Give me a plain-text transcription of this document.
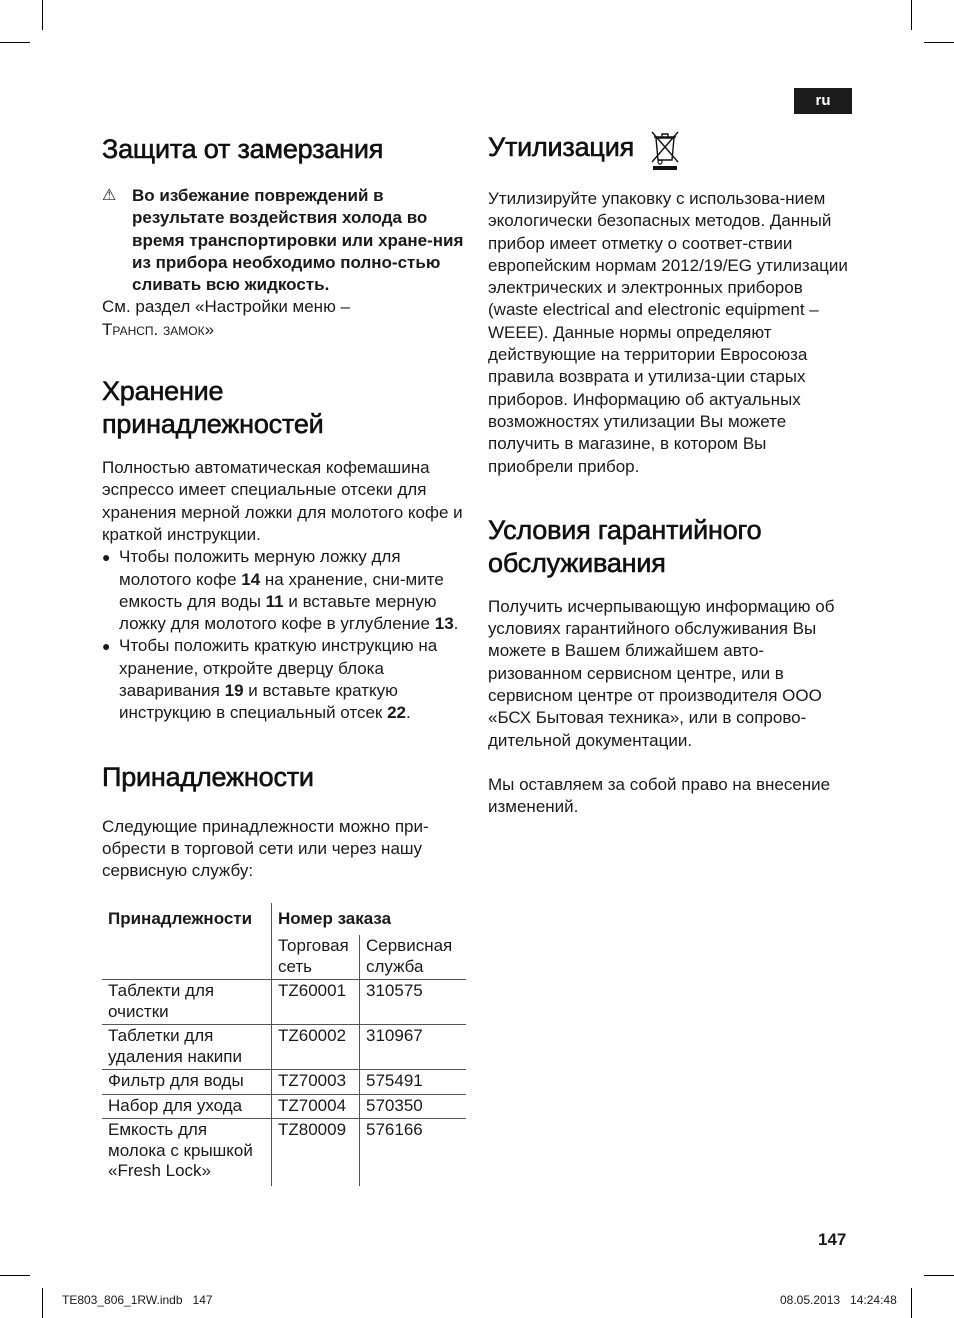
ru
Защита от замерзания
⚠ Во избежание повреждений в результате воздействия холода во время транспортировки или хране-ния из прибора необходимо полно-стью сливать всю жидкость.

См. раздел «Настройки меню –
Трансп. замок»

Хранение
принадлежностей

Полностью автоматическая кофемашина эспрессо имеет специальные отсеки для хранения мерной ложки для молотого кофе и краткой инструкции.

● Чтобы положить мерную ложку для молотого кофе 14 на хранение, сни-мите емкость для воды 11 и вставьте мерную ложку для молотого кофе в углубление 13.
● Чтобы положить краткую инструкцию на хранение, откройте дверцу блока заваривания 19 и вставьте краткую инструкцию в специальный отсек 22.
Принадлежности

Следующие принадлежности можно при-обрести в торговой сети или через нашу сервисную службу:

Принадлежности	Номер заказа	
	Торговая сеть	Сервисная служба
Таблекти для очистки	TZ60001	310575
Таблетки для удаления накипи	TZ60002	310967
Фильтр для воды	TZ70003	575491
Набор для ухода	TZ70004	570350
Емкость для молока с крышкой «Fresh Lock»	TZ80009	576166
Утилизация

Утилизируйте упаковку с использова-нием экологически безопасных методов. Данный прибор имеет отметку о соответ-ствии европейским нормам 2012/19/EG утилизации электрических и электронных приборов (waste electrical and electronic equipment – WEEE). Данные нормы определяют действующие на территории Евросоюза правила возврата и утилиза-ции старых приборов. Информацию об актуальных возможностях утилизации Вы можете получить в магазине, в котором Вы приобрели прибор.

Условия гарантийного
обслуживания

Получить исчерпывающую информацию об условиях гарантийного обслуживания Вы можете в Вашем ближайшем авто-ризованном сервисном центре, или в сервисном центре от производителя ООО «БСХ Бытовая техника», или в сопрово-дительной документации.

Мы оставляем за собой право на внесение изменений.

147
TE803_806_1RW.indb   147	08.05.2013   14:24:48
